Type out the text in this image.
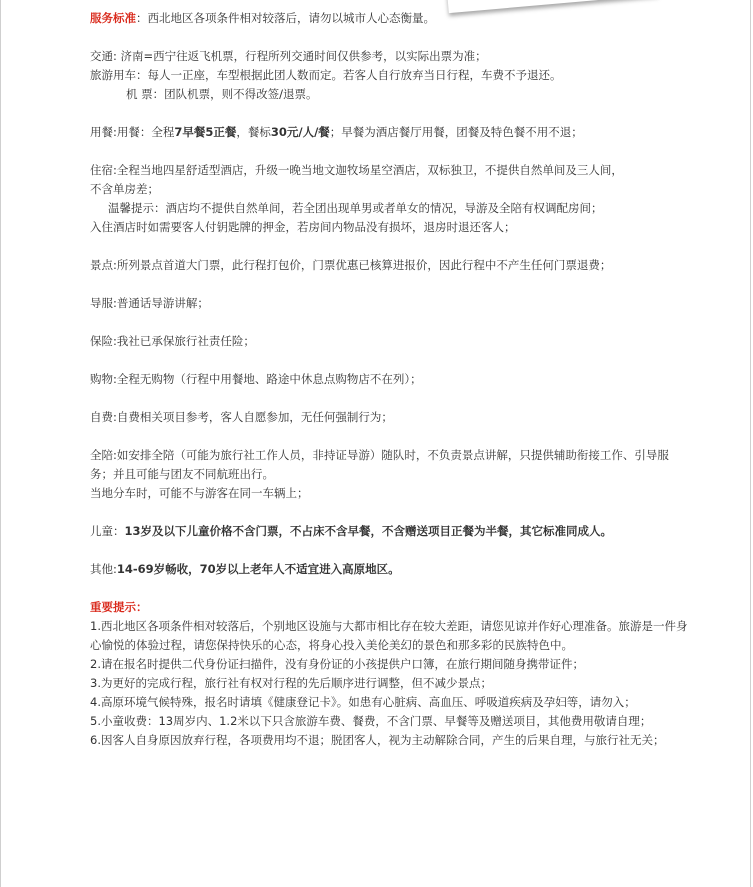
服务标准：西北地区各项条件相对较落后，请勿以城市人心态衡量。

交通: 济南=西宁往返飞机票，行程所列交通时间仅供参考，以实际出票为准；

旅游用车：每人一正座，车型根据此团人数而定。若客人自行放弃当日行程，车费不予退还。

机 票：团队机票，则不得改签/退票。

用餐:用餐：全程7早餐5正餐，餐标30元/人/餐；早餐为酒店餐厅用餐，团餐及特色餐不用不退；

住宿:全程当地四星舒适型酒店，升级一晚当地文迦牧场星空酒店，双标独卫，不提供自然单间及三人间，

不含单房差；

温馨提示：酒店均不提供自然单间，若全团出现单男或者单女的情况，导游及全陪有权调配房间；

入住酒店时如需要客人付钥匙牌的押金，若房间内物品没有损坏，退房时退还客人；

景点:所列景点首道大门票，此行程打包价，门票优惠已核算进报价，因此行程中不产生任何门票退费；

导服:普通话导游讲解；

保险:我社已承保旅行社责任险；

购物:全程无购物（行程中用餐地、路途中休息点购物店不在列）；

自费:自费相关项目参考，客人自愿参加，无任何强制行为；

全陪:如安排全陪（可能为旅行社工作人员，非持证导游）随队时，不负责景点讲解，只提供辅助衔接工作、引导服务；并且可能与团友不同航班出行。

当地分车时，可能不与游客在同一车辆上；

儿童：13岁及以下儿童价格不含门票，不占床不含早餐，不含赠送项目正餐为半餐，其它标准同成人。

其他:14-69岁畅收，70岁以上老年人不适宜进入高原地区。

重要提示：

1.西北地区各项条件相对较落后，个别地区设施与大都市相比存在较大差距，请您见谅并作好心理准备。旅游是一件身心愉悦的体验过程，请您保持快乐的心态，将身心投入美伦美幻的景色和那多彩的民族特色中。

2.请在报名时提供二代身份证扫描件，没有身份证的小孩提供户口簿，在旅行期间随身携带证件；

3.为更好的完成行程，旅行社有权对行程的先后顺序进行调整，但不减少景点；

4.高原环境气候特殊，报名时请填《健康登记卡》。如患有心脏病、高血压、呼吸道疾病及孕妇等，请勿入；

5.小童收费：13周岁内、1.2米以下只含旅游车费、餐费，不含门票、早餐等及赠送项目，其他费用敬请自理；

6.因客人自身原因放弃行程，各项费用均不退；脱团客人，视为主动解除合同，产生的后果自理，与旅行社无关；
